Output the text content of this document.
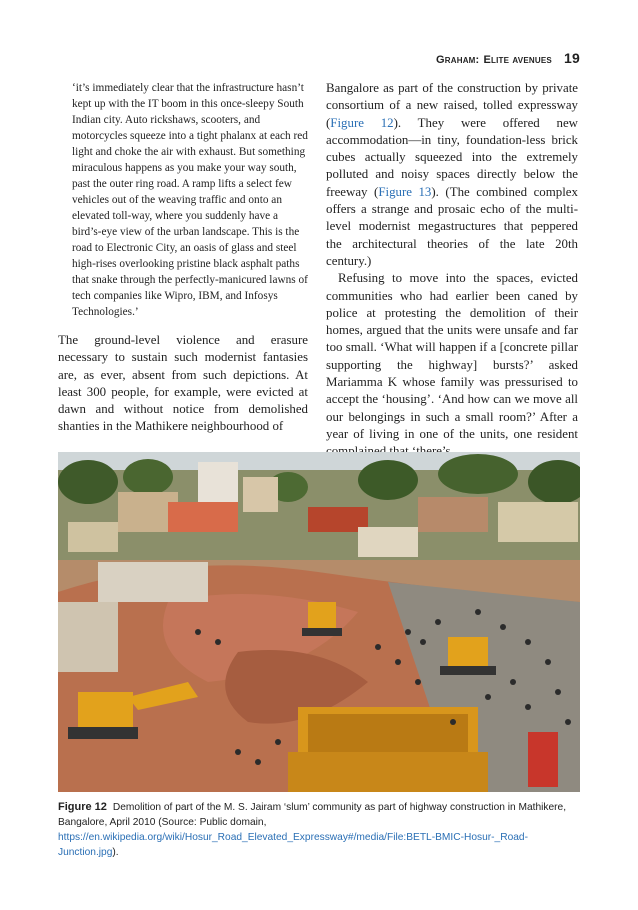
Graham: Elite avenues 19

‘it’s immediately clear that the infrastructure hasn’t kept up with the IT boom in this once-sleepy South Indian city. Auto rickshaws, scooters, and motorcycles squeeze into a tight phalanx at each red light and choke the air with exhaust. But something miraculous happens as you make your way south, past the outer ring road. A ramp lifts a select few vehicles out of the weaving traffic and onto an elevated toll-way, where you suddenly have a bird’s-eye view of the urban landscape. This is the road to Electronic City, an oasis of glass and steel high-rises overlooking pristine black asphalt paths that snake through the perfectly-manicured lawns of tech companies like Wipro, IBM, and Infosys Technologies.’

The ground-level violence and erasure necessary to sustain such modernist fantasies are, as ever, absent from such depictions. At least 300 people, for example, were evicted at dawn and without notice from demolished shanties in the Mathikere neighbourhood of

Bangalore as part of the construction by private consortium of a new raised, tolled expressway (Figure 12). They were offered new accommodation—in tiny, foundation-less brick cubes actually squeezed into the extremely polluted and noisy spaces directly below the freeway (Figure 13). (The combined complex offers a strange and prosaic echo of the multi-level modernist megastructures that peppered the architectural theories of the late 20th century.)

Refusing to move into the spaces, evicted communities who had earlier been caned by police at protesting the demolition of their homes, argued that the units were unsafe and far too small. ‘What will happen if a [concrete pillar supporting the highway] bursts?’ asked Mariamma K whose family was pressurised to accept the ‘housing’. ‘And how can we move all our belongings in such a small room?’ After a year of living in one of the units, one resident

Figure 12 Demolition of part of the M. S. Jairam ‘slum’ community as part of highway construction in Mathikere, Bangalore, April 2010 (Source: Public domain, https://en.wikipedia.org/wiki/Hosur_Road_Elevated_Expressway#/media/File:BETL-BMIC-Hosur-_Road-Junction.jpg).
